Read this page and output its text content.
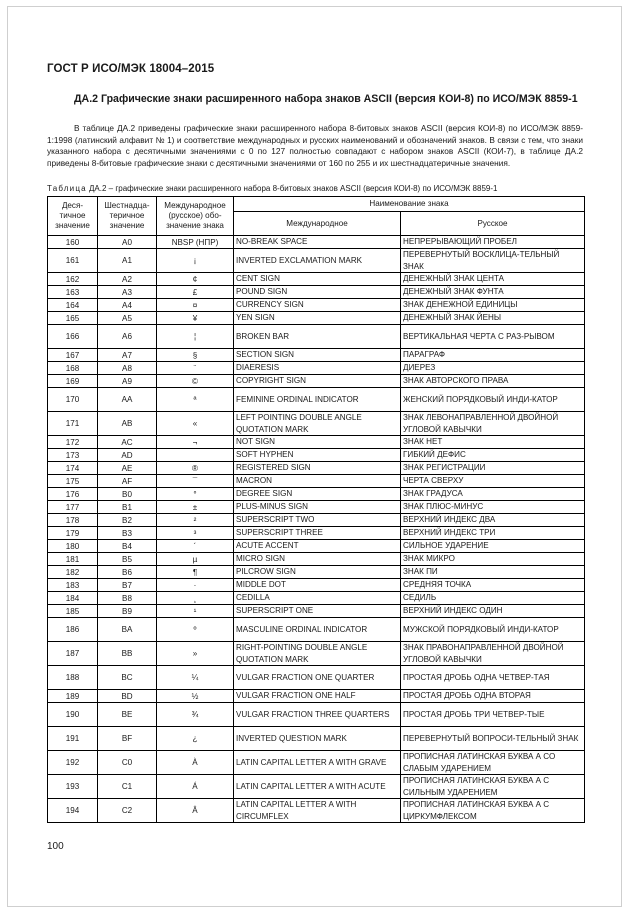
ГОСТ Р ИСО/МЭК 18004–2015
ДА.2 Графические знаки расширенного набора знаков ASCII (версия КОИ-8) по ИСО/МЭК 8859-1

В таблице ДА.2 приведены графические знаки расширенного набора 8-битовых знаков ASCII (версия КОИ-8) по ИСО/МЭК 8859-1:1998 (латинский алфавит № 1) и соответствие международных и русских наименований и обозначений знаков. В связи с тем, что знаки указанного набора с десятичными значениями с 0 по 127 полностью совпадают с набором знаков ASCII (КОИ-7), в таблице ДА.2 приведены 8-битовые графические знаки с десятичными значениями от 160 по 255 и их шестнадцатеричные значения.

Таблица ДА.2 – графические знаки расширенного набора 8-битовых знаков ASCII (версия КОИ-8) по ИСО/МЭК 8859-1
Деся-тичное значение	Шестнадца-теричное значение	Международное (русское) обо-значение знака	Наименование знака	
			Международное	Русское
160	A0	NBSP (НПР)	NO-BREAK SPACE	НЕПРЕРЫВАЮЩИЙ ПРОБЕЛ
161	A1	¡	INVERTED EXCLAMATION MARK	ПЕРЕВЕРНУТЫЙ ВОСКЛИЦА-ТЕЛЬНЫЙ ЗНАК
162	A2	¢	CENT SIGN	ДЕНЕЖНЫЙ ЗНАК ЦЕНТА
163	A3	£	POUND SIGN	ДЕНЕЖНЫЙ ЗНАК ФУНТА
164	A4	¤	CURRENCY SIGN	ЗНАК ДЕНЕЖНОЙ ЕДИНИЦЫ
165	A5	¥	YEN SIGN	ДЕНЕЖНЫЙ ЗНАК ЙЕНЫ
166	A6	¦	BROKEN BAR	ВЕРТИКАЛЬНАЯ ЧЕРТА С РАЗ-РЫВОМ
167	A7	§	SECTION SIGN	ПАРАГРАФ
168	A8	¨	DIAERESIS	ДИЕРЕЗ
169	A9	©	COPYRIGHT SIGN	ЗНАК АВТОРСКОГО ПРАВА
170	AA	ª	FEMININE ORDINAL INDICATOR	ЖЕНСКИЙ ПОРЯДКОВЫЙ ИНДИ-КАТОР
171	AB	«	LEFT POINTING DOUBLE ANGLE QUOTATION MARK	ЗНАК ЛЕВОНАПРАВЛЕННОЙ ДВОЙНОЙ УГЛОВОЙ КАВЫЧКИ
172	AC	¬	NOT SIGN	ЗНАК НЕТ
173	AD		SOFT HYPHEN	ГИБКИЙ ДЕФИС
174	AE	®	REGISTERED SIGN	ЗНАК РЕГИСТРАЦИИ
175	AF	¯	MACRON	ЧЕРТА СВЕРХУ
176	B0	°	DEGREE SIGN	ЗНАК ГРАДУСА
177	B1	±	PLUS-MINUS SIGN	ЗНАК ПЛЮС-МИНУС
178	B2	²	SUPERSCRIPT TWO	ВЕРХНИЙ ИНДЕКС ДВА
179	B3	³	SUPERSCRIPT THREE	ВЕРХНИЙ ИНДЕКС ТРИ
180	B4	´	ACUTE ACCENT	СИЛЬНОЕ УДАРЕНИЕ
181	B5	µ	MICRO SIGN	ЗНАК МИКРО
182	B6	¶	PILCROW SIGN	ЗНАК ПИ
183	B7	·	MIDDLE DOT	СРЕДНЯЯ ТОЧКА
184	B8	¸	CEDILLA	СЕДИЛЬ
185	B9	¹	SUPERSCRIPT ONE	ВЕРХНИЙ ИНДЕКС ОДИН
186	BA	º	MASCULINE ORDINAL INDICATOR	МУЖСКОЙ ПОРЯДКОВЫЙ ИНДИ-КАТОР
187	BB	»	RIGHT-POINTING DOUBLE ANGLE QUOTATION MARK	ЗНАК ПРАВОНАПРАВЛЕННОЙ ДВОЙНОЙ УГЛОВОЙ КАВЫЧКИ
188	BC	¼	VULGAR FRACTION ONE QUARTER	ПРОСТАЯ ДРОБЬ ОДНА ЧЕТВЕР-ТАЯ
189	BD	½	VULGAR FRACTION ONE HALF	ПРОСТАЯ ДРОБЬ ОДНА ВТОРАЯ
190	BE	¾	VULGAR FRACTION THREE QUARTERS	ПРОСТАЯ ДРОБЬ ТРИ ЧЕТВЕР-ТЫЕ
191	BF	¿	INVERTED QUESTION MARK	ПЕРЕВЕРНУТЫЙ ВОПРОСИ-ТЕЛЬНЫЙ ЗНАК
192	C0	À	LATIN CAPITAL LETTER A WITH GRAVE	ПРОПИСНАЯ ЛАТИНСКАЯ БУКВА А СО СЛАБЫМ УДАРЕНИЕМ
193	C1	Á	LATIN CAPITAL LETTER A WITH ACUTE	ПРОПИСНАЯ ЛАТИНСКАЯ БУКВА А С СИЛЬНЫМ УДАРЕНИЕМ
194	C2	Â	LATIN CAPITAL LETTER A WITH CIRCUMFLEX	ПРОПИСНАЯ ЛАТИНСКАЯ БУКВА А С ЦИРКУМФЛЕКСОМ
100
